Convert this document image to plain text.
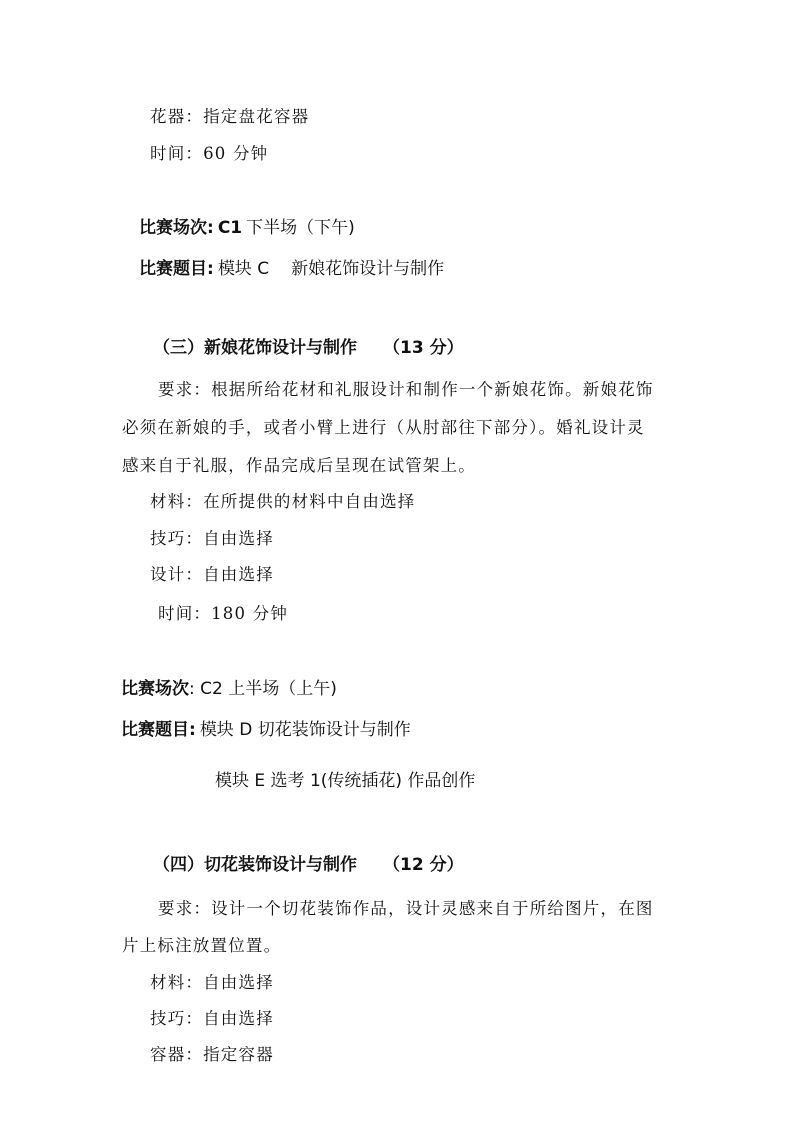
花器：指定盘花容器
时间：60 分钟
比赛场次: C1 下半场（下午)
比赛题目: 模块 C 新娘花饰设计与制作
（三）新娘花饰设计与制作 （13 分）
要求：根据所给花材和礼服设计和制作一个新娘花饰。新娘花饰
必须在新娘的手，或者小臂上进行（从肘部往下部分）。婚礼设计灵
感来自于礼服，作品完成后呈现在试管架上。
材料：在所提供的材料中自由选择
技巧：自由选择
设计：自由选择
时间：180 分钟
比赛场次: C2 上半场（上午)
比赛题目: 模块 D 切花装饰设计与制作
模块 E 选考 1(传统插花) 作品创作
（四）切花装饰设计与制作 （12 分）
要求：设计一个切花装饰作品，设计灵感来自于所给图片，在图
片上标注放置位置。
材料：自由选择
技巧：自由选择
容器：指定容器
